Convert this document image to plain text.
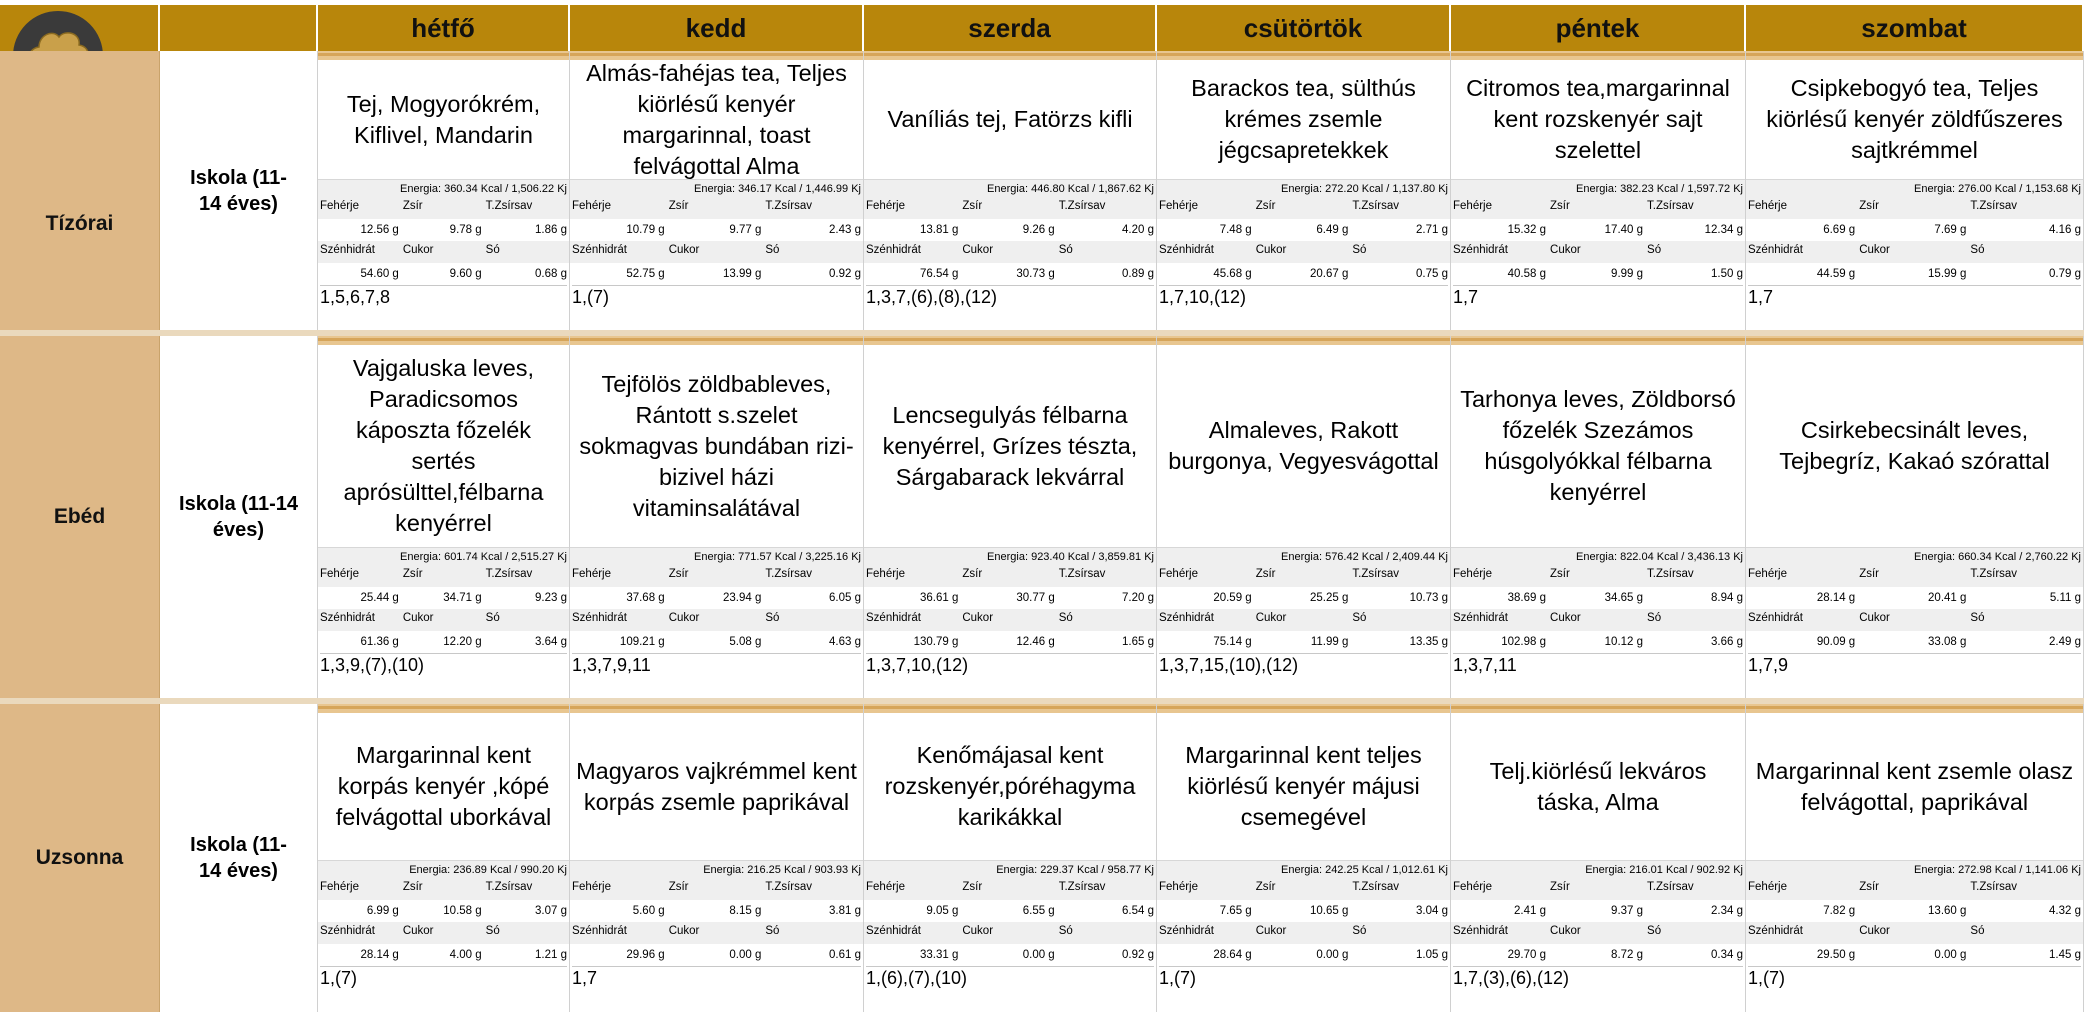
hétfő	kedd	szerda	csütörtök	péntek	szombat
Tízórai
Iskola (11-
14 éves)
Tej, Mogyorókrém, Kiflivel, Mandarin
Energia: 360.34 Kcal / 1,506.22 Kj
Fehérje	Zsír	T.Zsírsav
12.56 g	9.78 g	1.86 g
Szénhidrát	Cukor	Só
54.60 g	9.60 g	0.68 g
1,5,6,7,8
Almás-fahéjas tea, Teljes kiörlésű kenyér margarinnal, toast felvágottal Alma
Energia: 346.17 Kcal / 1,446.99 Kj
Fehérje	Zsír	T.Zsírsav
10.79 g	9.77 g	2.43 g
Szénhidrát	Cukor	Só
52.75 g	13.99 g	0.92 g
1,(7)
Vaníliás tej, Fatörzs kifli
Energia: 446.80 Kcal / 1,867.62 Kj
Fehérje	Zsír	T.Zsírsav
13.81 g	9.26 g	4.20 g
Szénhidrát	Cukor	Só
76.54 g	30.73 g	0.89 g
1,3,7,(6),(8),(12)
Barackos tea, sülthús krémes zsemle jégcsapretekkek
Energia: 272.20 Kcal / 1,137.80 Kj
Fehérje	Zsír	T.Zsírsav
7.48 g	6.49 g	2.71 g
Szénhidrát	Cukor	Só
45.68 g	20.67 g	0.75 g
1,7,10,(12)
Citromos tea,margarinnal kent rozskenyér sajt szelettel
Energia: 382.23 Kcal / 1,597.72 Kj
Fehérje	Zsír	T.Zsírsav
15.32 g	17.40 g	12.34 g
Szénhidrát	Cukor	Só
40.58 g	9.99 g	1.50 g
1,7
Csipkebogyó tea, Teljes kiörlésű kenyér zöldfűszeres sajtkrémmel
Energia: 276.00 Kcal / 1,153.68 Kj
Fehérje	Zsír	T.Zsírsav
6.69 g	7.69 g	4.16 g
Szénhidrát	Cukor	Só
44.59 g	15.99 g	0.79 g
1,7
Ebéd
Iskola (11-14
éves)
Vajgaluska leves, Paradicsomos káposzta főzelék sertés aprósülttel,félbarna kenyérrel
Energia: 601.74 Kcal / 2,515.27 Kj
Fehérje	Zsír	T.Zsírsav
25.44 g	34.71 g	9.23 g
Szénhidrát	Cukor	Só
61.36 g	12.20 g	3.64 g
1,3,9,(7),(10)
Tejfölös zöldbableves, Rántott s.szelet sokmagvas bundában rizi-bizivel házi vitaminsalátával
Energia: 771.57 Kcal / 3,225.16 Kj
Fehérje	Zsír	T.Zsírsav
37.68 g	23.94 g	6.05 g
Szénhidrát	Cukor	Só
109.21 g	5.08 g	4.63 g
1,3,7,9,11
Lencsegulyás félbarna kenyérrel, Grízes tészta, Sárgabarack lekvárral
Energia: 923.40 Kcal / 3,859.81 Kj
Fehérje	Zsír	T.Zsírsav
36.61 g	30.77 g	7.20 g
Szénhidrát	Cukor	Só
130.79 g	12.46 g	1.65 g
1,3,7,10,(12)
Almaleves, Rakott burgonya, Vegyesvágottal
Energia: 576.42 Kcal / 2,409.44 Kj
Fehérje	Zsír	T.Zsírsav
20.59 g	25.25 g	10.73 g
Szénhidrát	Cukor	Só
75.14 g	11.99 g	13.35 g
1,3,7,15,(10),(12)
Tarhonya leves, Zöldborsó főzelék Szezámos húsgolyókkal félbarna kenyérrel
Energia: 822.04 Kcal / 3,436.13 Kj
Fehérje	Zsír	T.Zsírsav
38.69 g	34.65 g	8.94 g
Szénhidrát	Cukor	Só
102.98 g	10.12 g	3.66 g
1,3,7,11
Csirkebecsinált leves, Tejbegríz, Kakaó szórattal
Energia: 660.34 Kcal / 2,760.22 Kj
Fehérje	Zsír	T.Zsírsav
28.14 g	20.41 g	5.11 g
Szénhidrát	Cukor	Só
90.09 g	33.08 g	2.49 g
1,7,9
Uzsonna
Iskola (11-
14 éves)
Margarinnal kent korpás kenyér ,kópé felvágottal uborkával
Energia: 236.89 Kcal / 990.20 Kj
Fehérje	Zsír	T.Zsírsav
6.99 g	10.58 g	3.07 g
Szénhidrát	Cukor	Só
28.14 g	4.00 g	1.21 g
1,(7)
Magyaros vajkrémmel kent korpás zsemle paprikával
Energia: 216.25 Kcal / 903.93 Kj
Fehérje	Zsír	T.Zsírsav
5.60 g	8.15 g	3.81 g
Szénhidrát	Cukor	Só
29.96 g	0.00 g	0.61 g
1,7
Kenőmájasal kent rozskenyér,póréhagyma karikákkal
Energia: 229.37 Kcal / 958.77 Kj
Fehérje	Zsír	T.Zsírsav
9.05 g	6.55 g	6.54 g
Szénhidrát	Cukor	Só
33.31 g	0.00 g	0.92 g
1,(6),(7),(10)
Margarinnal kent teljes kiörlésű kenyér májusi csemegével
Energia: 242.25 Kcal / 1,012.61 Kj
Fehérje	Zsír	T.Zsírsav
7.65 g	10.65 g	3.04 g
Szénhidrát	Cukor	Só
28.64 g	0.00 g	1.05 g
1,(7)
Telj.kiörlésű lekváros táska, Alma
Energia: 216.01 Kcal / 902.92 Kj
Fehérje	Zsír	T.Zsírsav
2.41 g	9.37 g	2.34 g
Szénhidrát	Cukor	Só
29.70 g	8.72 g	0.34 g
1,7,(3),(6),(12)
Margarinnal kent zsemle olasz felvágottal, paprikával
Energia: 272.98 Kcal / 1,141.06 Kj
Fehérje	Zsír	T.Zsírsav
7.82 g	13.60 g	4.32 g
Szénhidrát	Cukor	Só
29.50 g	0.00 g	1.45 g
1,(7)
